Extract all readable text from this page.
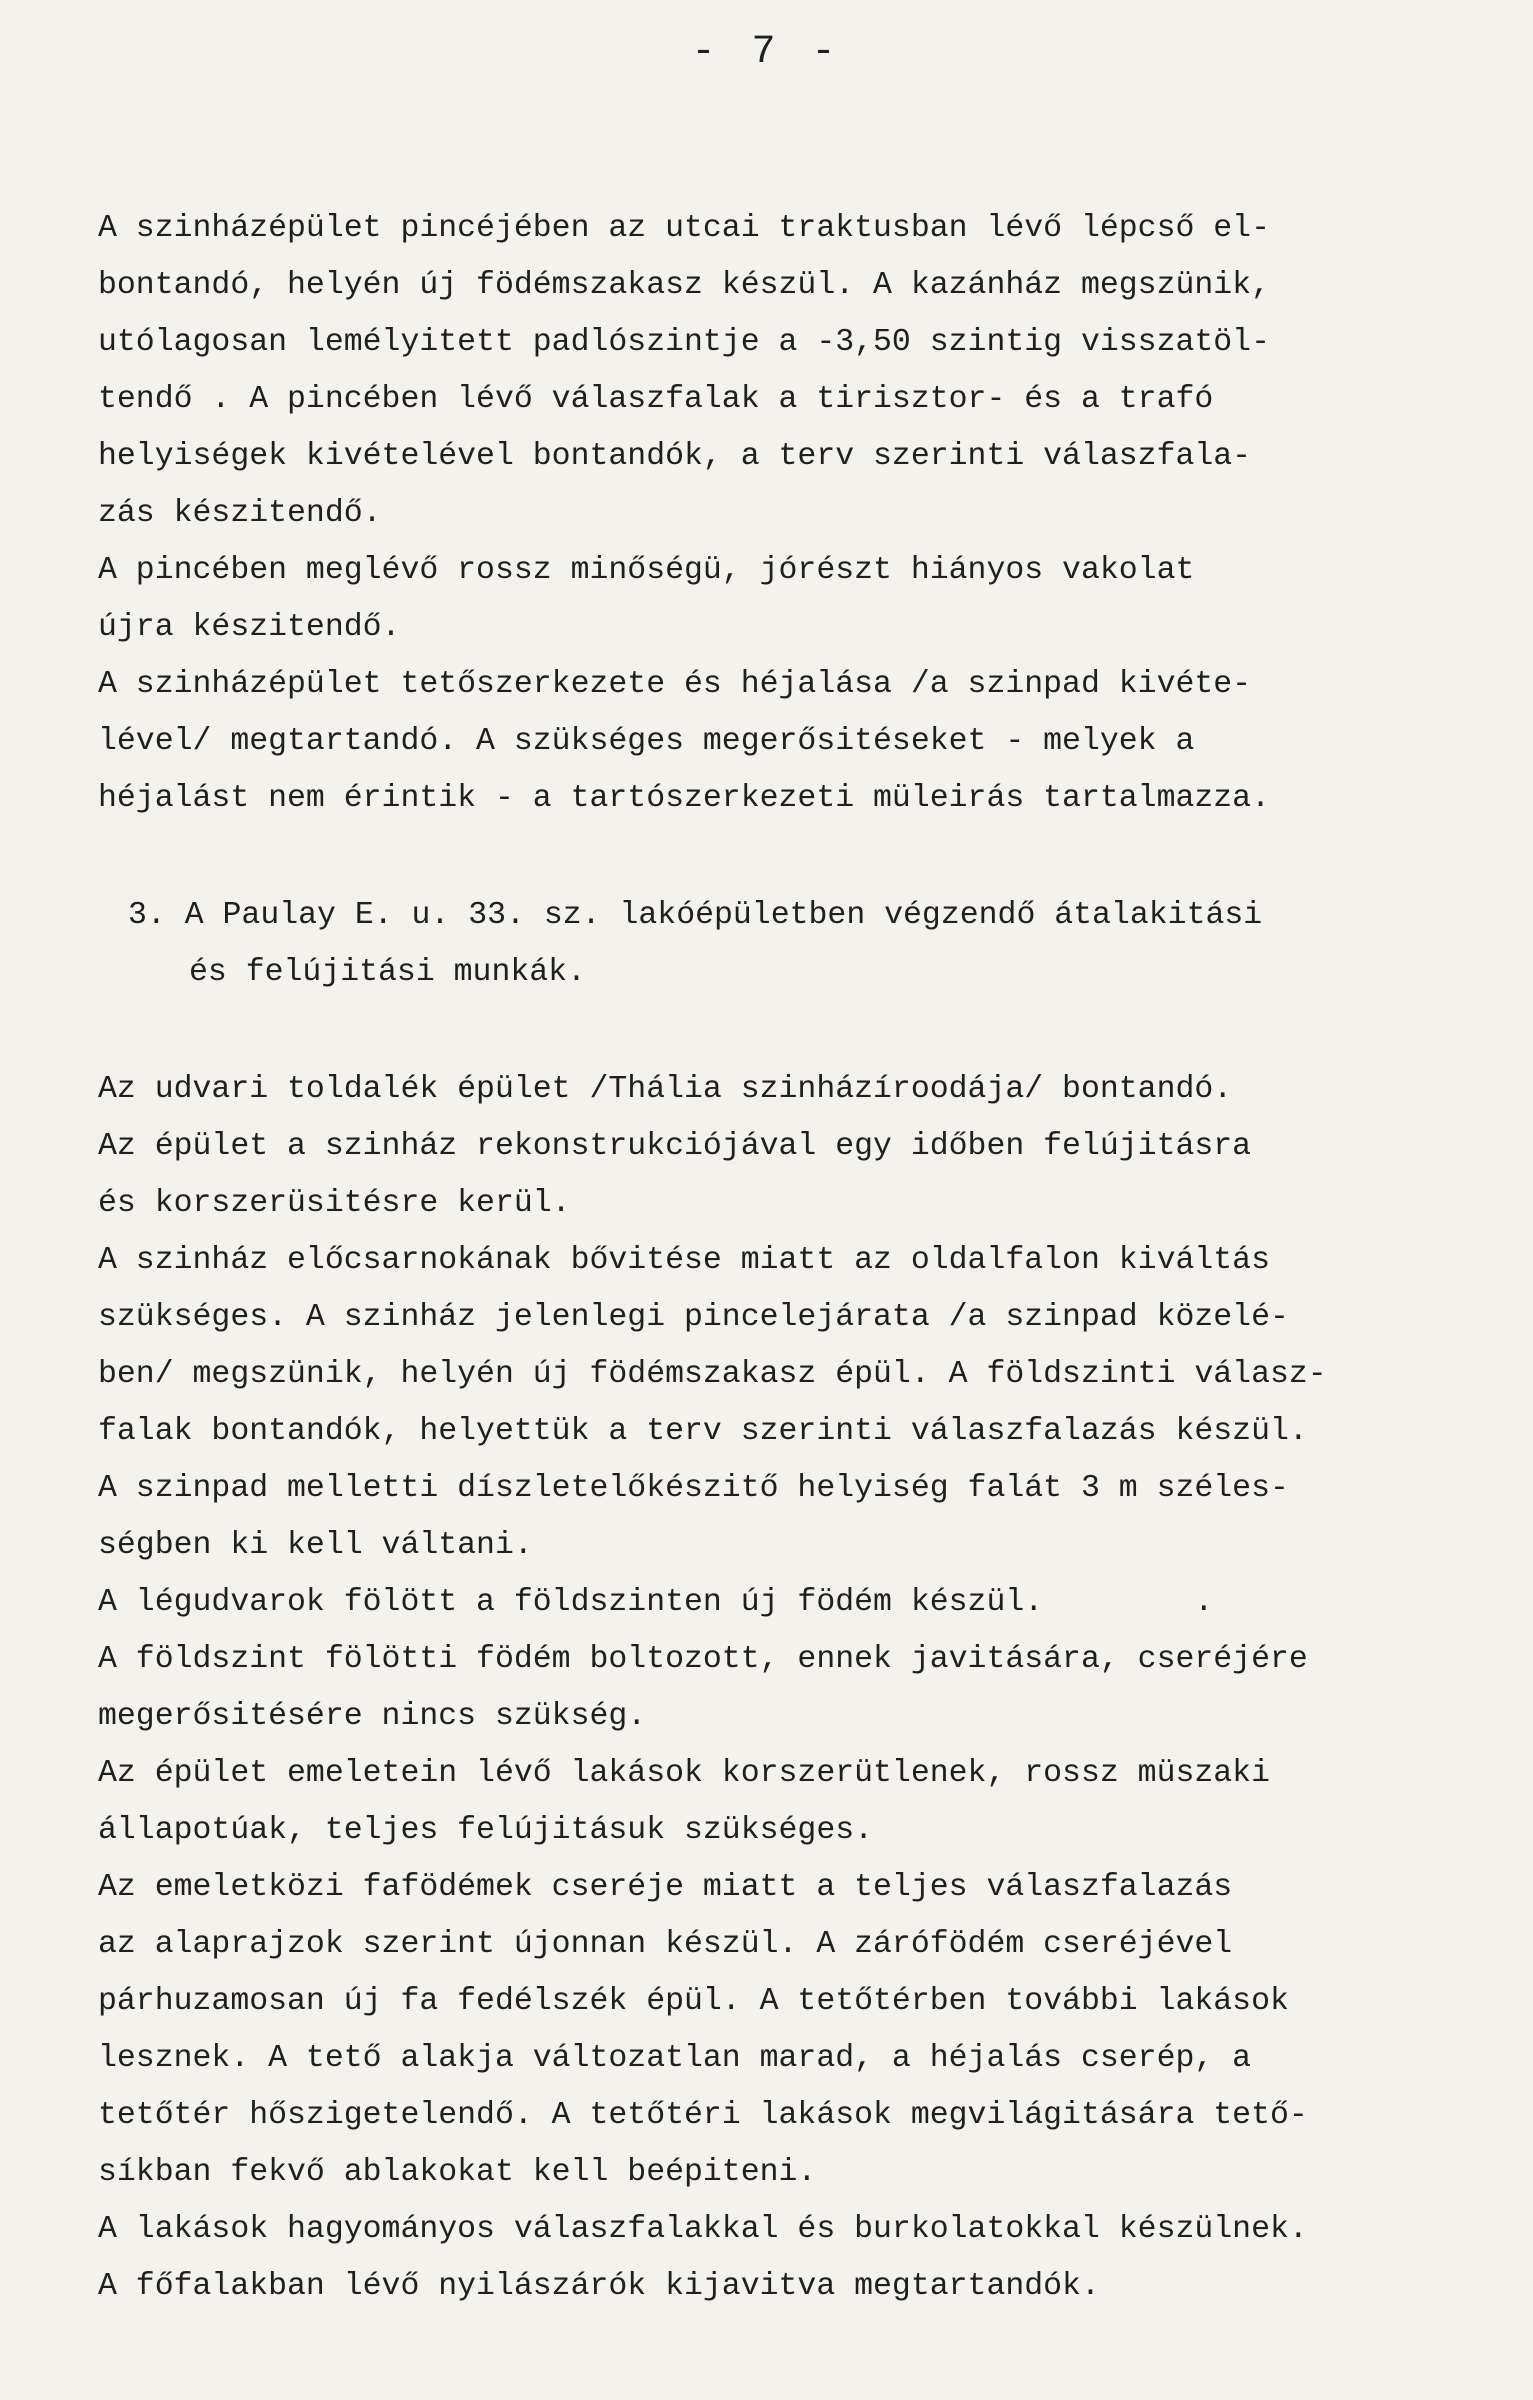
- 7 -
A szinházépület pincéjében az utcai traktusban lévő lépcső el-
bontandó, helyén új födémszakasz készül. A kazánház megszünik,
utólagosan lemélyitett padlószintje a -3,50 szintig visszatöl-
tendő . A pincében lévő válaszfalak a tirisztor- és a trafó
helyiségek kivételével bontandók, a terv szerinti válaszfala-
zás készitendő.
A pincében meglévő rossz minőségü, jórészt hiányos vakolat
újra készitendő.
A szinházépület tetőszerkezete és héjalása /a szinpad kivéte-
lével/ megtartandó. A szükséges megerősitéseket - melyek a
héjalást nem érintik - a tartószerkezeti müleirás tartalmazza.
3. A Paulay E. u. 33. sz. lakóépületben végzendő átalakitási
és felújitási munkák.
Az udvari toldalék épület /Thália szinházíroodája/ bontandó.
Az épület a szinház rekonstrukciójával egy időben felújitásra
és korszerüsitésre kerül.
A szinház előcsarnokának bővitése miatt az oldalfalon kiváltás
szükséges. A szinház jelenlegi pincelejárata /a szinpad közelé-
ben/ megszünik, helyén új födémszakasz épül. A földszinti válasz-
falak bontandók, helyettük a terv szerinti válaszfalazás készül.
A szinpad melletti díszletelőkészitő helyiség falát 3 m széles-
ségben ki kell váltani.
A légudvarok fölött a földszinten új födém készül.        .
A földszint fölötti födém boltozott, ennek javitására, cseréjére
megerősitésére nincs szükség.
Az épület emeletein lévő lakások korszerütlenek, rossz müszaki
állapotúak, teljes felújitásuk szükséges.
Az emeletközi fafödémek cseréje miatt a teljes válaszfalazás
az alaprajzok szerint újonnan készül. A zárófödém cseréjével
párhuzamosan új fa fedélszék épül. A tetőtérben további lakások
lesznek. A tető alakja változatlan marad, a héjalás cserép, a
tetőtér hőszigetelendő. A tetőtéri lakások megvilágitására tető-
síkban fekvő ablakokat kell beépiteni.
A lakások hagyományos válaszfalakkal és burkolatokkal készülnek.
A főfalakban lévő nyilászárók kijavitva megtartandók.
